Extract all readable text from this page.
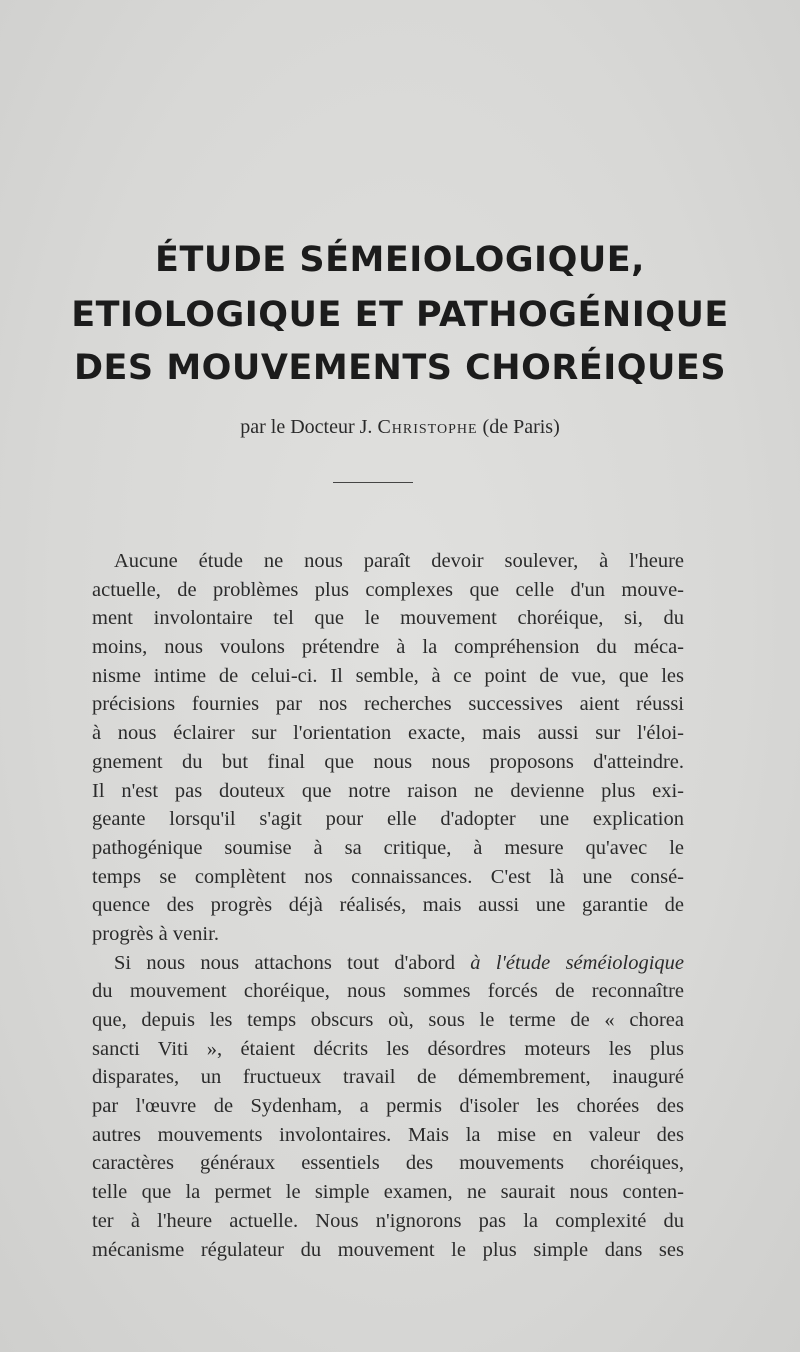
ÉTUDE SÉMEIOLOGIQUE,
ETIOLOGIQUE ET PATHOGÉNIQUE
DES MOUVEMENTS CHORÉIQUES
par le Docteur J. Christophe (de Paris)
Aucune étude ne nous paraît devoir soulever, à l'heure
actuelle, de problèmes plus complexes que celle d'un mouve-
ment involontaire tel que le mouvement choréique, si, du
moins, nous voulons prétendre à la compréhension du méca-
nisme intime de celui-ci. Il semble, à ce point de vue, que les
précisions fournies par nos recherches successives aient réussi
à nous éclairer sur l'orientation exacte, mais aussi sur l'éloi-
gnement du but final que nous nous proposons d'atteindre.
Il n'est pas douteux que notre raison ne devienne plus exi-
geante lorsqu'il s'agit pour elle d'adopter une explication
pathogénique soumise à sa critique, à mesure qu'avec le
temps se complètent nos connaissances. C'est là une consé-
quence des progrès déjà réalisés, mais aussi une garantie de
progrès à venir.
Si nous nous attachons tout d'abord à l'étude séméiologique
du mouvement choréique, nous sommes forcés de reconnaître
que, depuis les temps obscurs où, sous le terme de « chorea
sancti Viti », étaient décrits les désordres moteurs les plus
disparates, un fructueux travail de démembrement, inauguré
par l'œuvre de Sydenham, a permis d'isoler les chorées des
autres mouvements involontaires. Mais la mise en valeur des
caractères généraux essentiels des mouvements choréiques,
telle que la permet le simple examen, ne saurait nous conten-
ter à l'heure actuelle. Nous n'ignorons pas la complexité du
mécanisme régulateur du mouvement le plus simple dans ses
